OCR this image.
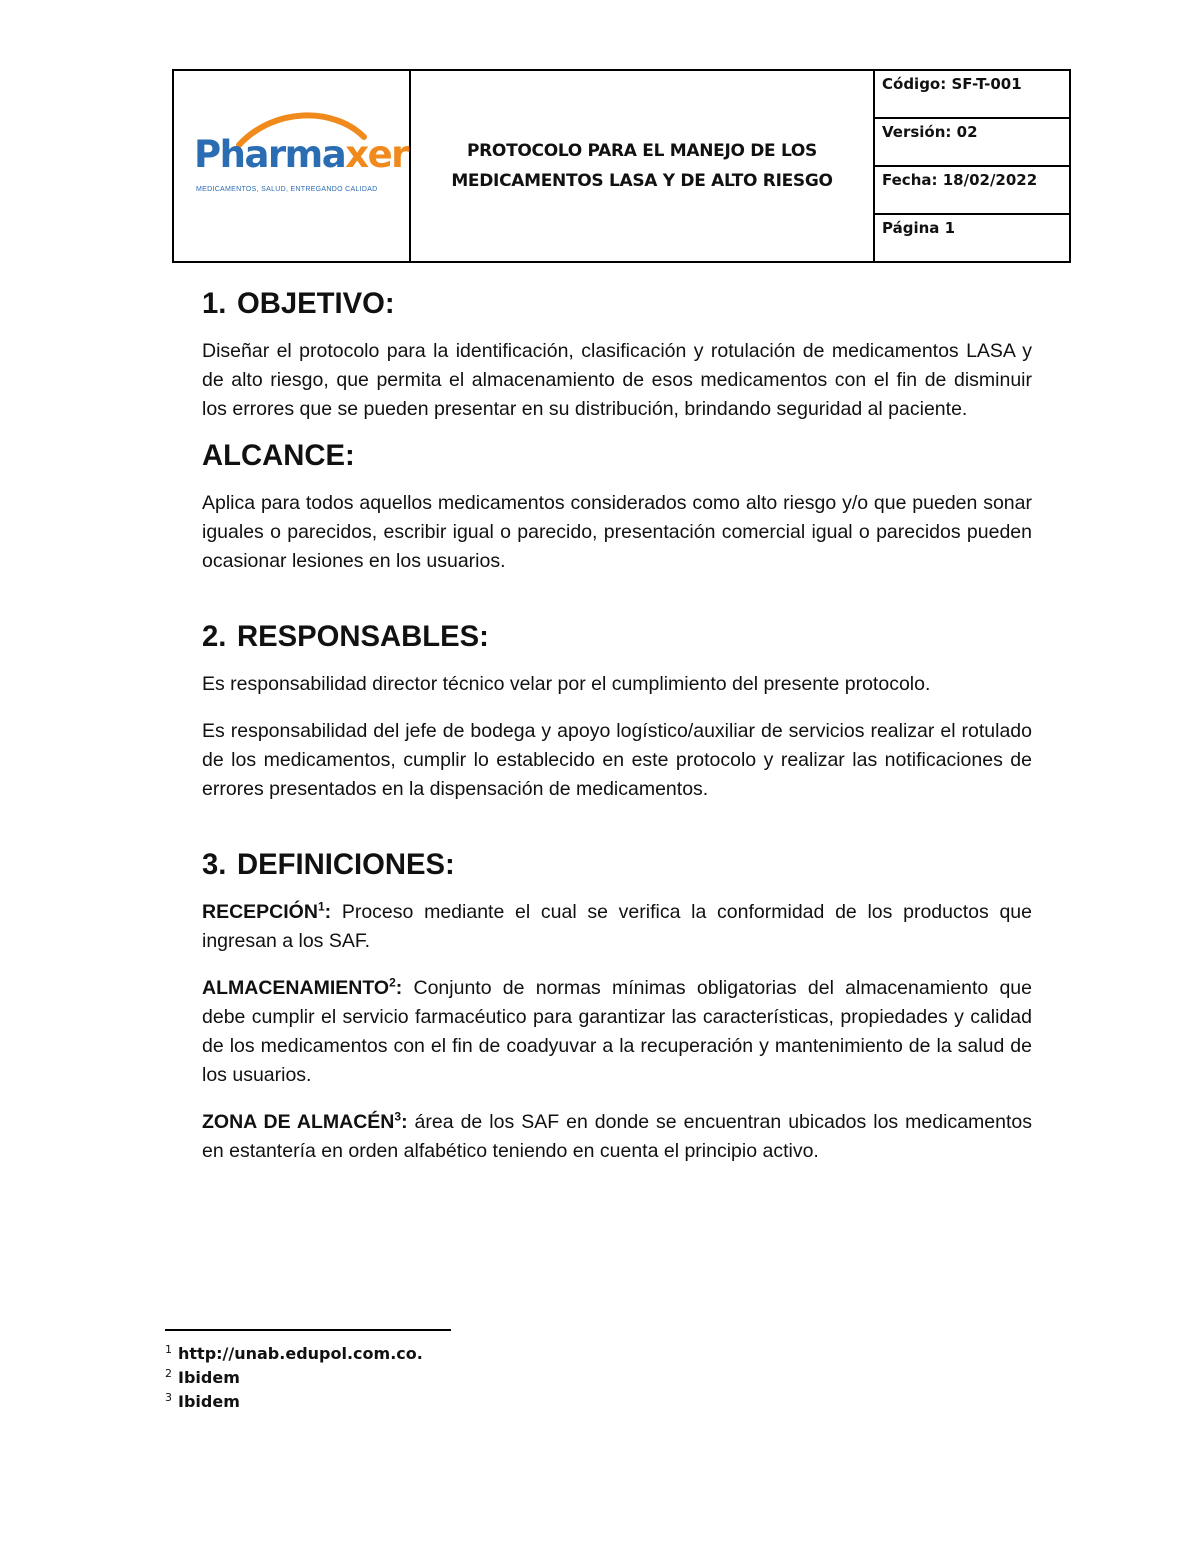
Pharmaxer
MEDICAMENTOS, SALUD, ENTREGANDO CALIDAD
PROTOCOLO PARA EL MANEJO DE LOS
MEDICAMENTOS LASA Y DE ALTO RIESGO
Código: SF-T-001
Versión: 02
Fecha: 18/02/2022
Página 1
1. OBJETIVO:

Diseñar el protocolo para la identificación, clasificación y rotulación de medicamentos LASA y de alto riesgo, que permita el almacenamiento de esos medicamentos con el fin de disminuir los errores que se pueden presentar en su distribución, brindando seguridad al paciente.

ALCANCE:

Aplica para todos aquellos medicamentos considerados como alto riesgo y/o que pueden sonar iguales o parecidos, escribir igual o parecido, presentación comercial igual o parecidos pueden ocasionar lesiones en los usuarios.

2. RESPONSABLES:

Es responsabilidad director técnico velar por el cumplimiento del presente protocolo.

Es responsabilidad del jefe de bodega y apoyo logístico/auxiliar de servicios realizar el rotulado de los medicamentos, cumplir lo establecido en este protocolo y realizar las notificaciones de errores presentados en la dispensación de medicamentos.

3. DEFINICIONES:

RECEPCIÓN$^1$: Proceso mediante el cual se verifica la conformidad de los productos que ingresan a los SAF.

ALMACENAMIENTO$^2$: Conjunto de normas mínimas obligatorias del almacenamiento que debe cumplir el servicio farmacéutico para garantizar las características, propiedades y calidad de los medicamentos con el fin de coadyuvar a la recuperación y mantenimiento de la salud de los usuarios.

ZONA DE ALMACÉN$^3$: área de los SAF en donde se encuentran ubicados los medicamentos en estantería en orden alfabético teniendo en cuenta el principio activo.

$^1$ http://unab.edupol.com.co.
$^2$ Ibidem
$^3$ Ibidem
